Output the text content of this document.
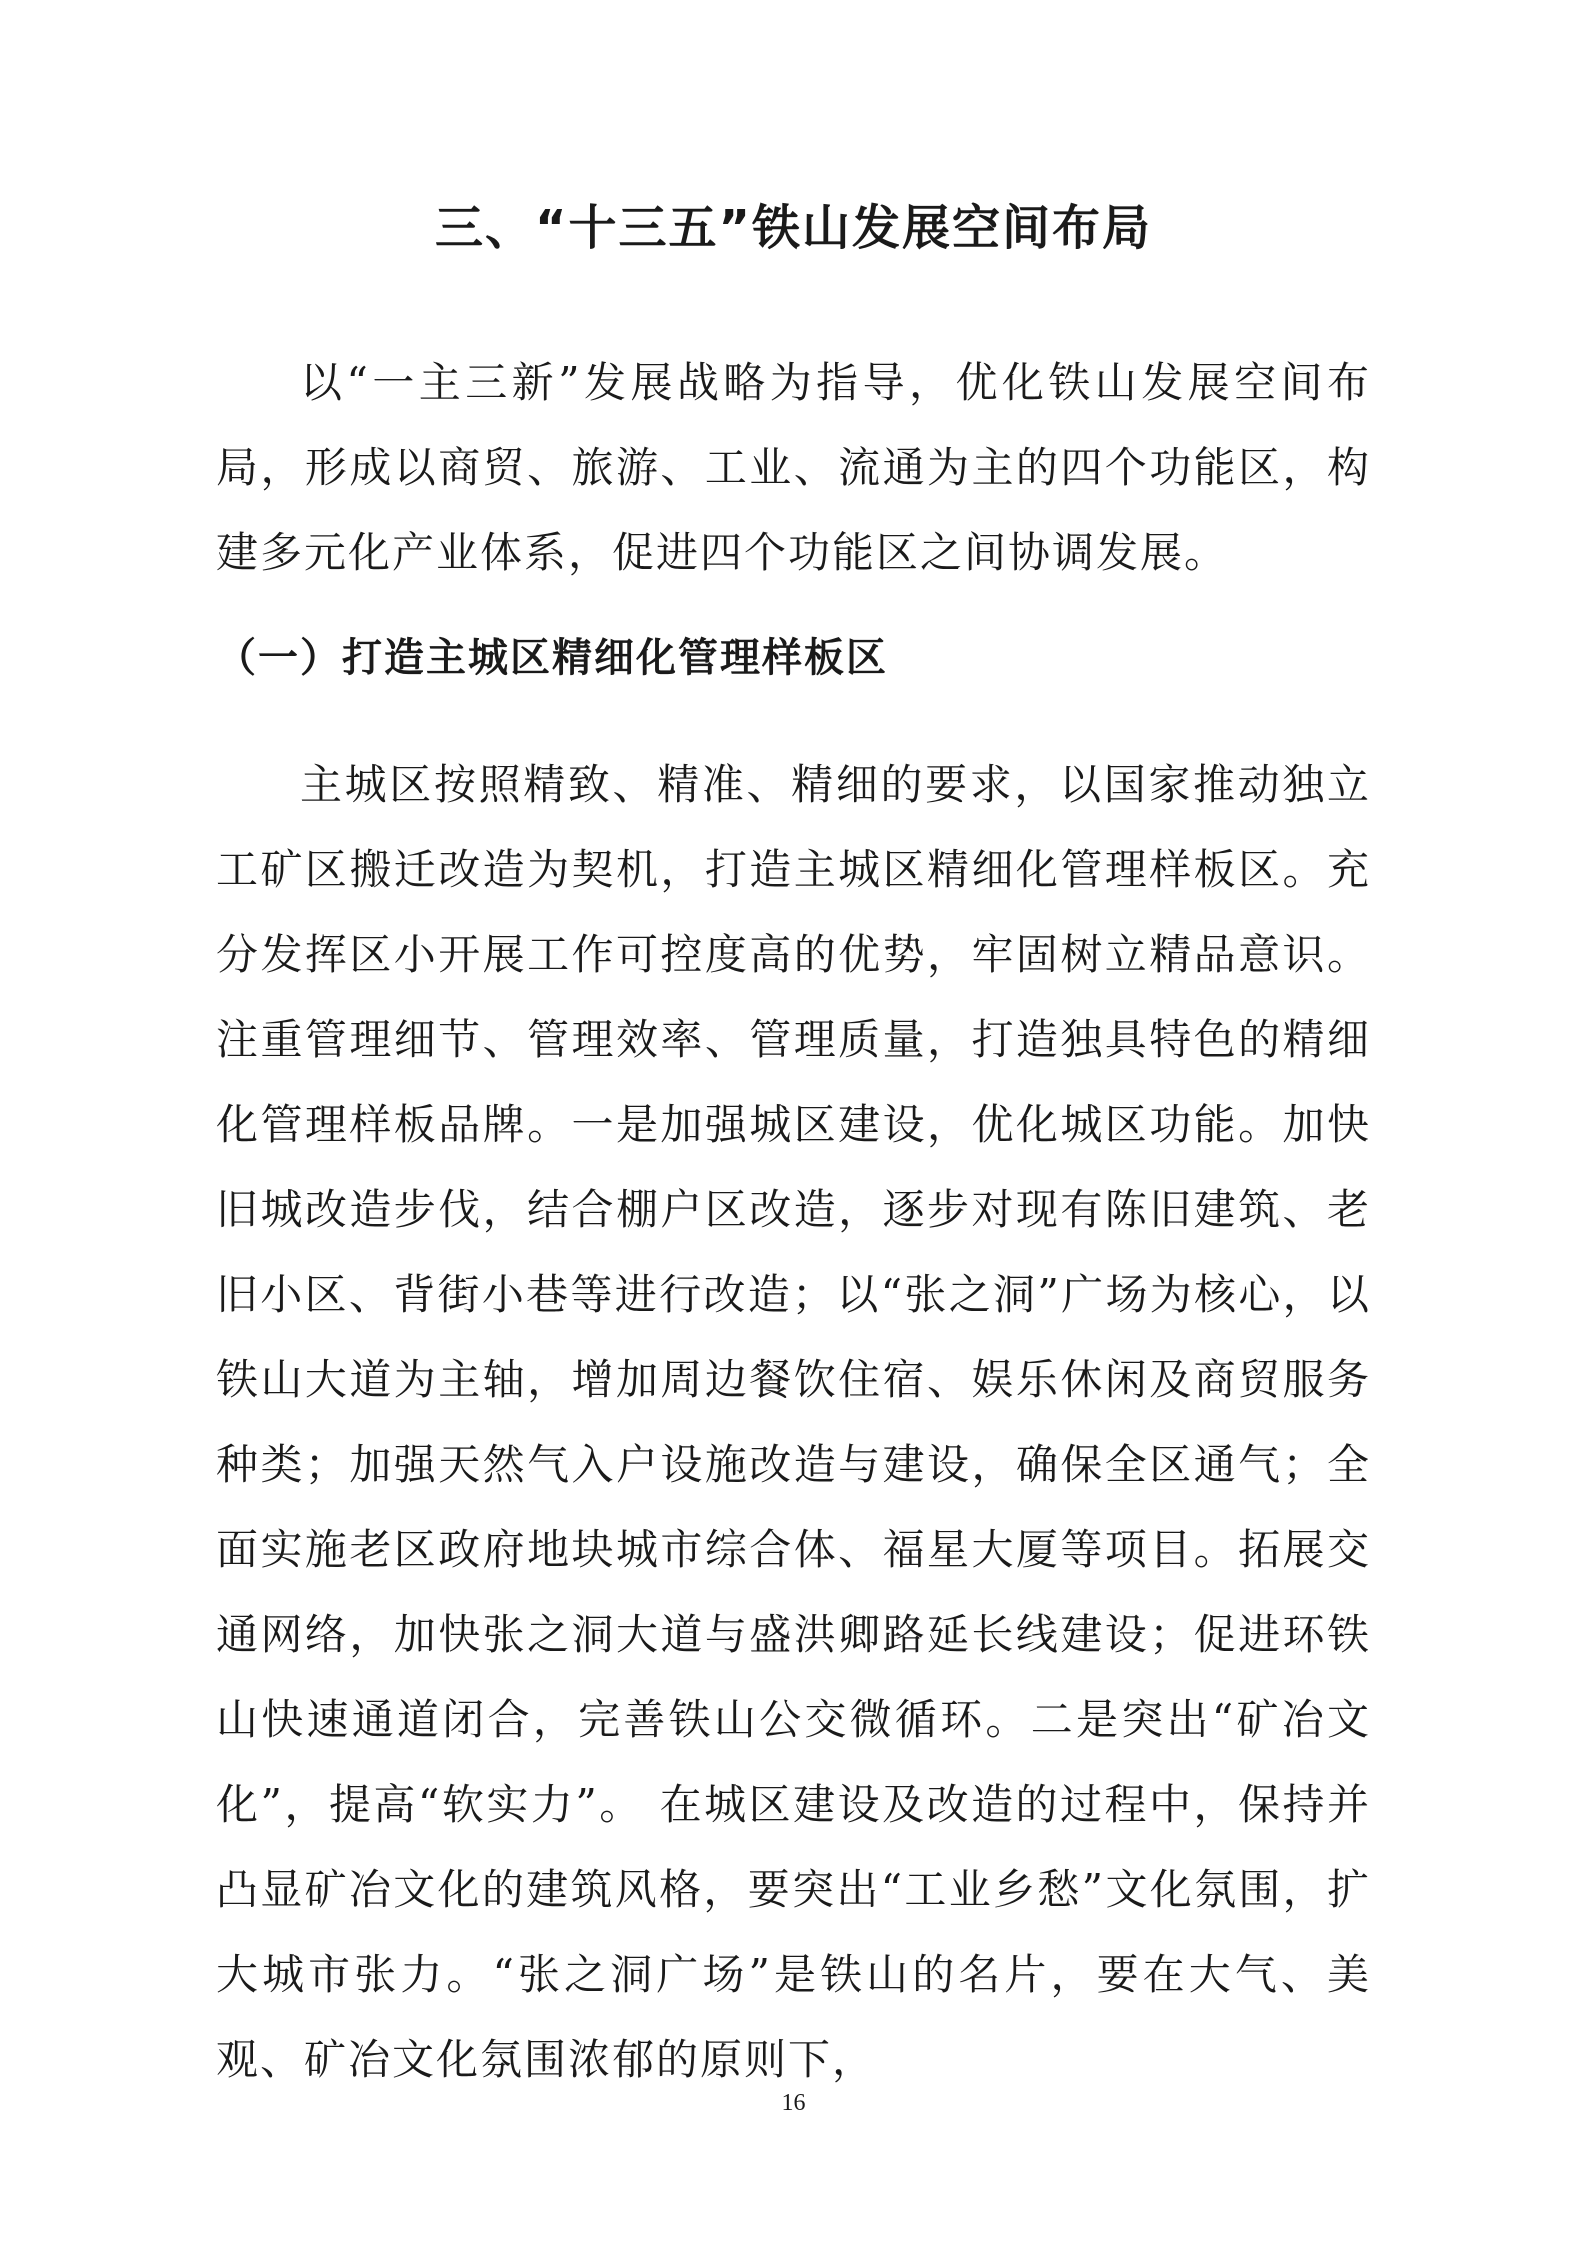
三、“十三五”铁山发展空间布局

以“一主三新”发展战略为指导，优化铁山发展空间布局，形成以商贸、旅游、工业、流通为主的四个功能区，构建多元化产业体系，促进四个功能区之间协调发展。

（一）打造主城区精细化管理样板区

主城区按照精致、精准、精细的要求，以国家推动独立工矿区搬迁改造为契机，打造主城区精细化管理样板区。充分发挥区小开展工作可控度高的优势，牢固树立精品意识。注重管理细节、管理效率、管理质量，打造独具特色的精细化管理样板品牌。一是加强城区建设，优化城区功能。加快旧城改造步伐，结合棚户区改造，逐步对现有陈旧建筑、老旧小区、背街小巷等进行改造；以“张之洞”广场为核心，以铁山大道为主轴，增加周边餐饮住宿、娱乐休闲及商贸服务种类；加强天然气入户设施改造与建设，确保全区通气；全面实施老区政府地块城市综合体、福星大厦等项目。拓展交通网络，加快张之洞大道与盛洪卿路延长线建设；促进环铁山快速通道闭合，完善铁山公交微循环。二是突出“矿冶文化”，提高“软实力”。 在城区建设及改造的过程中，保持并凸显矿冶文化的建筑风格，要突出“工业乡愁”文化氛围，扩大城市张力。“张之洞广场”是铁山的名片，要在大气、美观、矿冶文化氛围浓郁的原则下，

16
